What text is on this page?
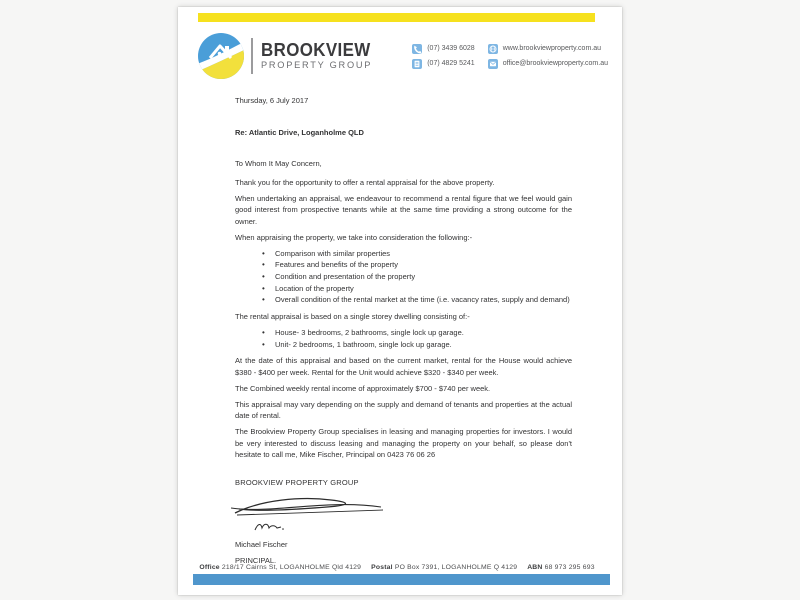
BROOKVIEW
PROPERTY GROUP
(07) 3439 6028
(07) 4829 5241
www.brookviewproperty.com.au
office@brookviewproperty.com.au

Thursday, 6 July 2017

Re: Atlantic Drive, Loganholme QLD

To Whom It May Concern,

Thank you for the opportunity to offer a rental appraisal for the above property.

When undertaking an appraisal, we endeavour to recommend a rental figure that we feel would gain good interest from prospective tenants while at the same time providing a strong outcome for the owner.

When appraising the property, we take into consideration the following:-

• Comparison with similar properties
• Features and benefits of the property
• Condition and presentation of the property
• Location of the property
• Overall condition of the rental market at the time (i.e. vacancy rates, supply and demand)

The rental appraisal is based on a single storey dwelling consisting of:-

• House- 3 bedrooms, 2 bathrooms, single lock up garage.
• Unit- 2 bedrooms, 1 bathroom, single lock up garage.

At the date of this appraisal and based on the current market, rental for the House would achieve $380 - $400 per week. Rental for the Unit would achieve $320 - $340 per week.

The Combined weekly rental income of approximately $700 - $740 per week.

This appraisal may vary depending on the supply and demand of tenants and properties at the actual date of rental.

The Brookview Property Group specialises in leasing and managing properties for investors. I would be very interested to discuss leasing and managing the property on your behalf, so please don't hesitate to call me, Mike Fischer, Principal on 0423 76 06 26

BROOKVIEW PROPERTY GROUP

Michael Fischer

PRINCIPAL.

Office 218/17 Cairns St, LOGANHOLME Qld 4129 Postal PO Box 7391, LOGANHOLME Q 4129 ABN 68 973 295 693
